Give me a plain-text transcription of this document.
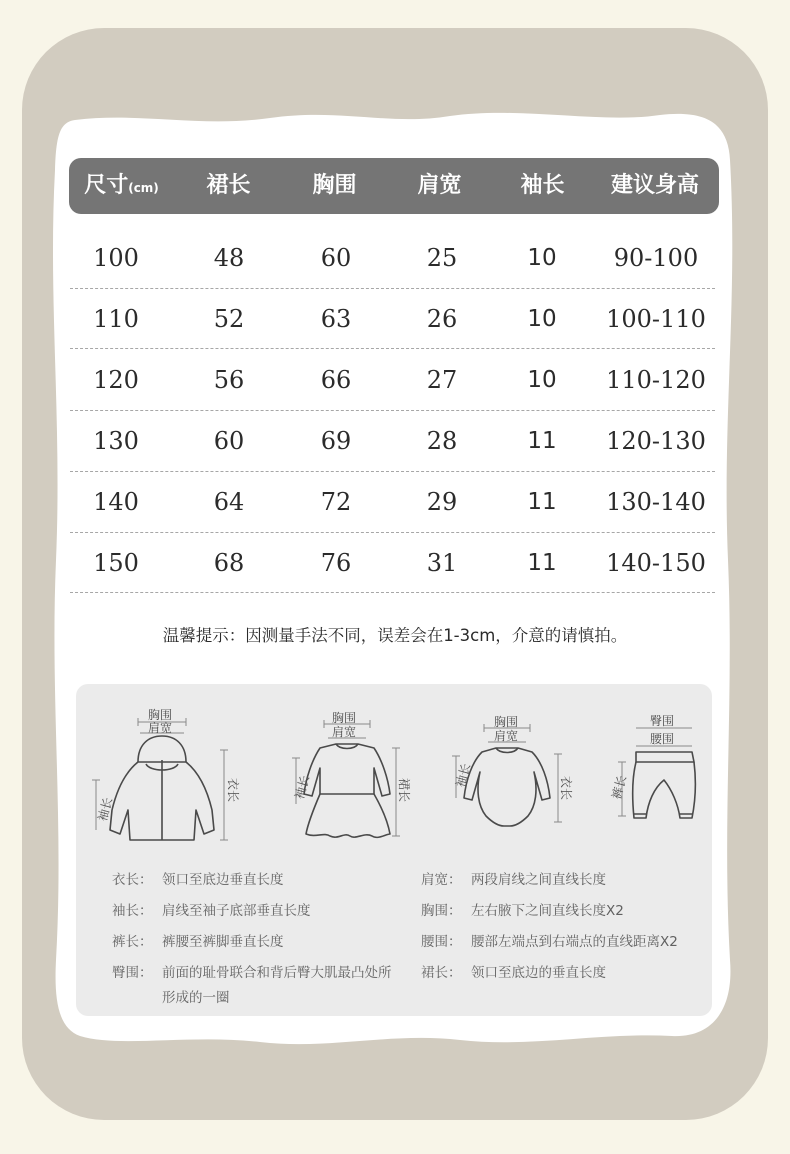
尺寸(cm)	裙长	胸围	肩宽	袖长	建议身高
100	48	60	25	10	90-100
110	52	63	26	10	100-110
120	56	66	27	10	110-120
130	60	69	28	11	120-130
140	64	72	29	11	130-140
150	68	76	31	11	140-150
温馨提示：因测量手法不同，误差会在1-3cm，介意的请慎拍。
胸围
肩宽
袖长
衣长
胸围
肩宽
袖长	裙长
胸围
肩宽
袖长	衣长
臀围
腰围
裤长
衣长： 领口至底边垂直长度
袖长： 肩线至袖子底部垂直长度
裤长： 裤腰至裤脚垂直长度
臀围： 前面的耻骨联合和背后臀大肌最凸处所形成的一圈
肩宽： 两段肩线之间直线长度
胸围： 左右腋下之间直线长度X2
腰围： 腰部左端点到右端点的直线距离X2
裙长： 领口至底边的垂直长度
